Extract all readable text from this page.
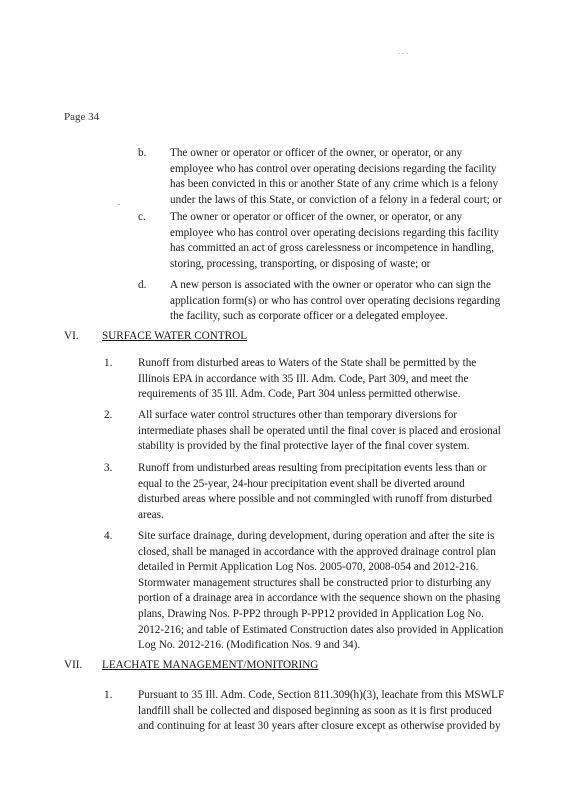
...
Page 34
.
b. The owner or operator or officer of the owner, or operator, or any
employee who has control over operating decisions regarding the facility
has been convicted in this or another State of any crime which is a felony
under the laws of this State, or conviction of a felony in a federal court; or
c. The owner or operator or officer of the owner, or operator, or any
employee who has control over operating decisions regarding this facility
has committed an act of gross carelessness or incompetence in handling,
storing, processing, transporting, or disposing of waste; or
d. A new person is associated with the owner or operator who can sign the
application form(s) or who has control over operating decisions regarding
the facility, such as corporate officer or a delegated employee.
VI. SURFACE WATER CONTROL
1. Runoff from disturbed areas to Waters of the State shall be permitted by the
Illinois EPA in accordance with 35 Ill. Adm. Code, Part 309, and meet the
requirements of 35 Ill. Adm. Code, Part 304 unless permitted otherwise.
2. All surface water control structures other than temporary diversions for
intermediate phases shall be operated until the final cover is placed and erosional
stability is provided by the final protective layer of the final cover system.
3. Runoff from undisturbed areas resulting from precipitation events less than or
equal to the 25-year, 24-hour precipitation event shall be diverted around
disturbed areas where possible and not commingled with runoff from disturbed
areas.
4. Site surface drainage, during development, during operation and after the site is
closed, shall be managed in accordance with the approved drainage control plan
detailed in Permit Application Log Nos. 2005-070, 2008-054 and 2012-216.
Stormwater management structures shall be constructed prior to disturbing any
portion of a drainage area in accordance with the sequence shown on the phasing
plans, Drawing Nos. P-PP2 through P-PP12 provided in Application Log No.
2012-216; and table of Estimated Construction dates also provided in Application
Log No. 2012-216. (Modification Nos. 9 and 34).
VII. LEACHATE MANAGEMENT/MONITORING
1. Pursuant to 35 Ill. Adm. Code, Section 811.309(h)(3), leachate from this MSWLF
landfill shall be collected and disposed beginning as soon as it is first produced
and continuing for at least 30 years after closure except as otherwise provided by
